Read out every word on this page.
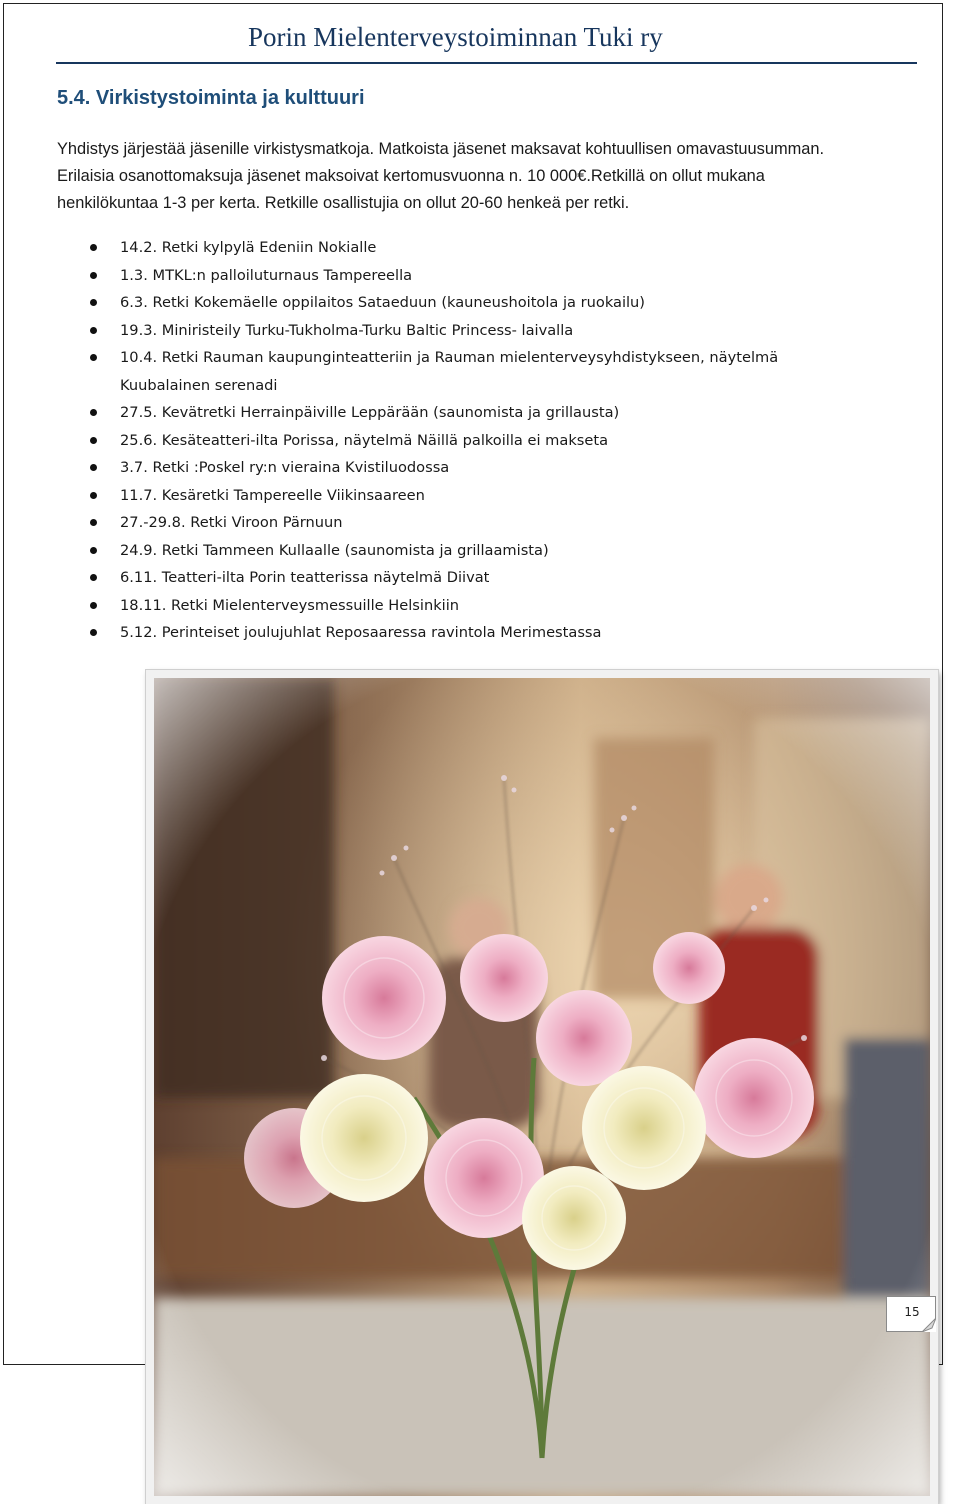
Porin Mielenterveystoiminnan Tuki ry
5.4. Virkistystoiminta ja kulttuuri

Yhdistys järjestää jäsenille virkistysmatkoja. Matkoista jäsenet maksavat kohtuullisen omavastuusumman.

Erilaisia osanottomaksuja jäsenet maksoivat kertomusvuonna n. 10 000€.Retkillä on ollut mukana

henkilökuntaa 1-3 per kerta. Retkille osallistujia on ollut 20-60 henkeä per retki.

14.2. Retki kylpylä Edeniin Nokialle
1.3. MTKL:n palloiluturnaus Tampereella
6.3. Retki Kokemäelle oppilaitos Sataeduun (kauneushoitola ja ruokailu)
19.3. Miniristeily Turku-Tukholma-Turku Baltic Princess- laivalla
10.4. Retki Rauman kaupunginteatteriin ja Rauman mielenterveysyhdistykseen, näytelmä
Kuubalainen serenadi
27.5. Kevätretki Herrainpäiville Leppärään (saunomista ja grillausta)
25.6. Kesäteatteri-ilta Porissa, näytelmä Näillä palkoilla ei makseta
3.7. Retki :Poskel ry:n vieraina Kvistiluodossa
11.7. Kesäretki Tampereelle Viikinsaareen
27.-29.8. Retki Viroon Pärnuun
24.9. Retki Tammeen Kullaalle (saunomista ja grillaamista)
6.11. Teatteri-ilta Porin teatterissa näytelmä Diivat
18.11. Retki Mielenterveysmessuille Helsinkiin
5.12. Perinteiset joulujuhlat Reposaaressa ravintola Merimestassa
15
